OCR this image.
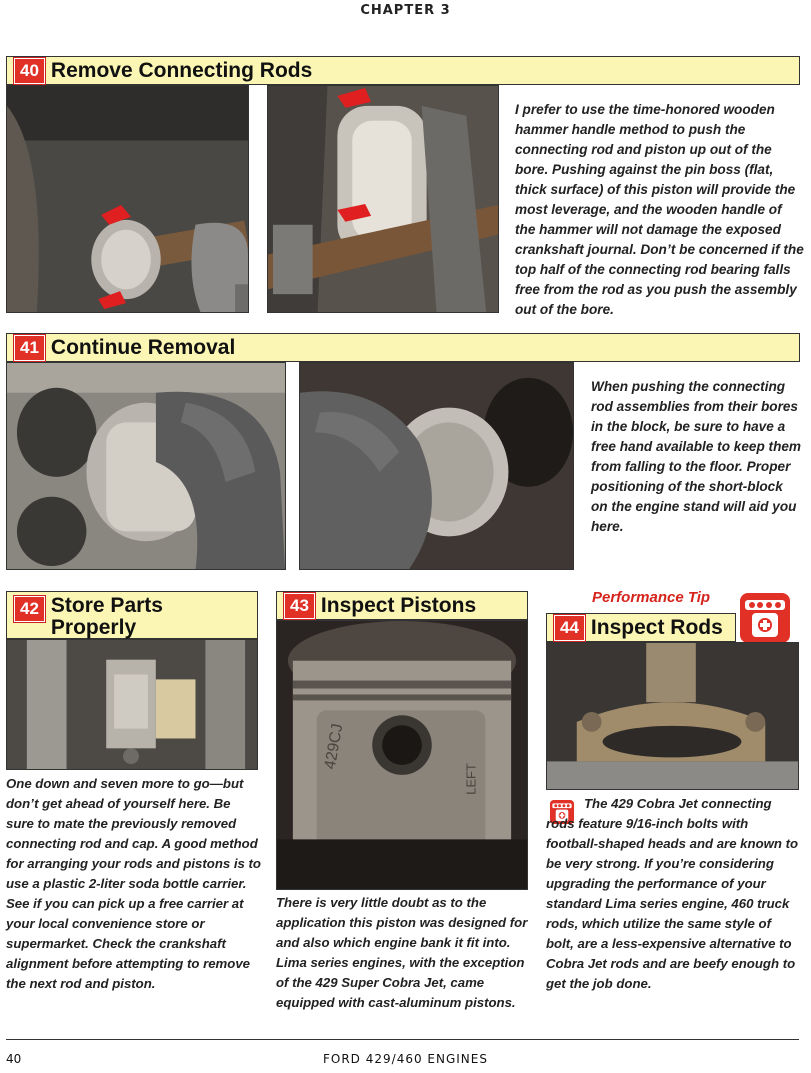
CHAPTER 3
40 Remove Connecting Rods
I prefer to use the time-honored wooden hammer handle method to push the connecting rod and piston up out of the bore. Pushing against the pin boss (flat, thick surface) of this piston will provide the most leverage, and the wooden handle of the hammer will not damage the exposed crankshaft journal. Don’t be concerned if the top half of the connecting rod bearing falls free from the rod as you push the assembly out of the bore.
41 Continue Removal
When pushing the connecting rod assemblies from their bores in the block, be sure to have a free hand available to keep them from falling to the floor. Proper positioning of the short-block on the engine stand will aid you here.
42 Store Parts
Properly
One down and seven more to go—but don’t get ahead of yourself here. Be sure to mate the previously removed connecting rod and cap. A good method for arranging your rods and pistons is to use a plastic 2-liter soda bottle carrier. See if you can pick up a free carrier at your local convenience store or supermarket. Check the crankshaft alignment before attempting to remove the next rod and piston.
43 Inspect Pistons
429CJ
LEFT
There is very little doubt as to the application this piston was designed for and also which engine bank it fit into. Lima series engines, with the exception of the 429 Super Cobra Jet, came equipped with cast-aluminum pistons.
Performance Tip
44 Inspect Rods
The 429 Cobra Jet connecting rods feature 9/16-inch bolts with football-shaped heads and are known to be very strong. If you’re considering upgrading the performance of your standard Lima series engine, 460 truck rods, which utilize the same style of bolt, are a less-expensive alternative to Cobra Jet rods and are beefy enough to get the job done.
40	FORD 429/460 ENGINES
